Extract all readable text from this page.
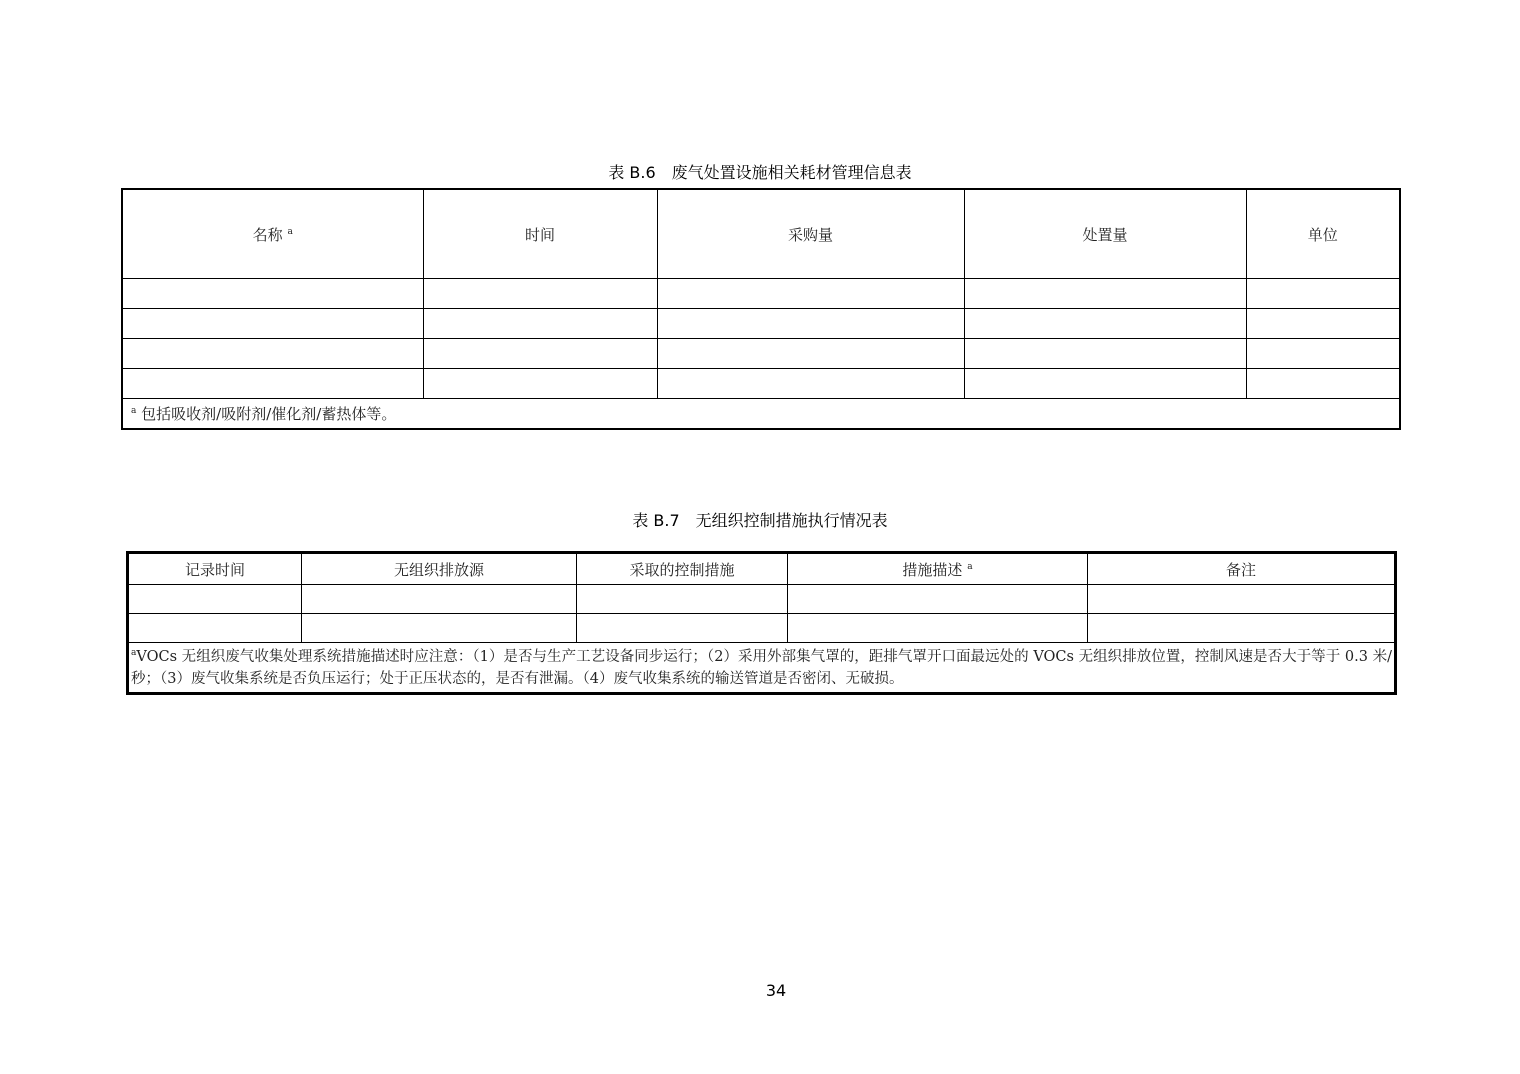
表 B.6　废气处置设施相关耗材管理信息表
名称 $^a$	时间	采购量	处置量	单位

$^a$ 包括吸收剂/吸附剂/催化剂/蓄热体等。				
表 B.7　无组织控制措施执行情况表
记录时间	无组织排放源	采取的控制措施	措施描述 $^a$	备注

$^a$VOCs 无组织废气收集处理系统措施描述时应注意：（1）是否与生产工艺设备同步运行；（2）采用外部集气罩的，距排气罩开口面最远处的 VOCs 无组织排放位置，控制风速是否大于等于 0.3 米/秒；（3）废气收集系统是否负压运行；处于正压状态的，是否有泄漏。（4）废气收集系统的输送管道是否密闭、无破损。				
34
